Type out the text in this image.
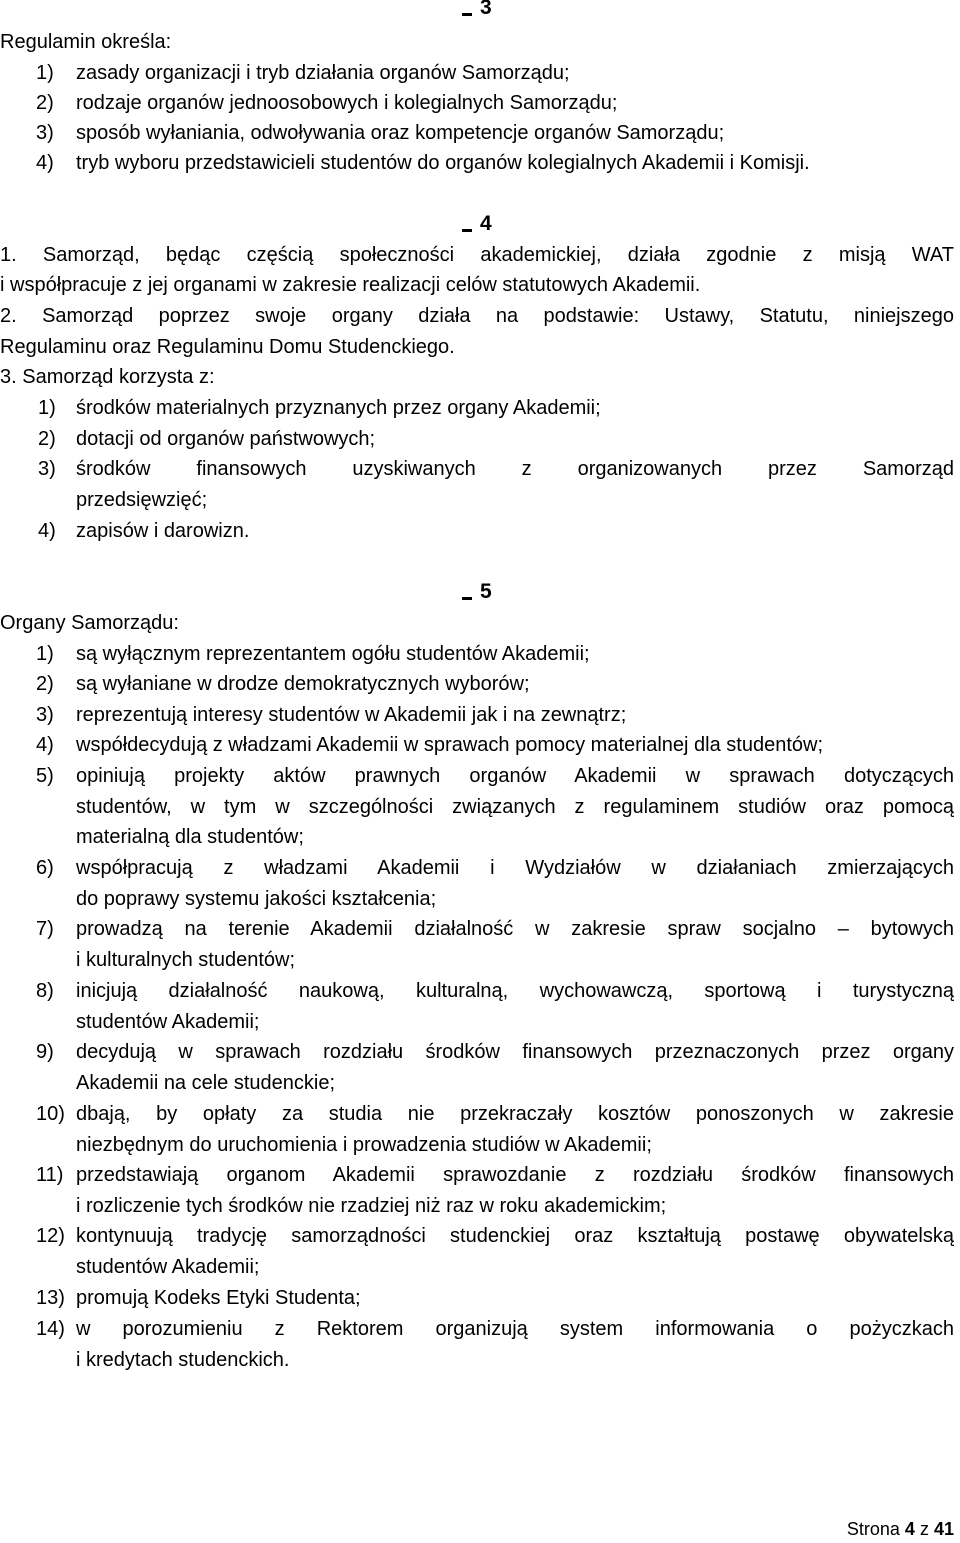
3
Regulamin określa:
1) zasady organizacji i tryb działania organów Samorządu;
2) rodzaje organów jednoosobowych i kolegialnych Samorządu;
3) sposób wyłaniania, odwoływania oraz kompetencje organów Samorządu;
4) tryb wyboru przedstawicieli studentów do organów kolegialnych Akademii i Komisji.
4
1. Samorząd, będąc częścią społeczności akademickiej, działa zgodnie z misją WAT
i współpracuje z jej organami w zakresie realizacji celów statutowych Akademii.
2. Samorząd poprzez swoje organy działa na podstawie: Ustawy, Statutu, niniejszego
Regulaminu oraz Regulaminu Domu Studenckiego.
3. Samorząd korzysta z:
1) środków materialnych przyznanych przez organy Akademii;
2) dotacji od organów państwowych;
3) środków finansowych uzyskiwanych z organizowanych przez Samorząd
przedsięwzięć;
4) zapisów i darowizn.
5
Organy Samorządu:
1) są wyłącznym reprezentantem ogółu studentów Akademii;
2) są wyłaniane w drodze demokratycznych wyborów;
3) reprezentują interesy studentów w Akademii jak i na zewnątrz;
4) współdecydują z władzami Akademii w sprawach pomocy materialnej dla studentów;
5) opiniują projekty aktów prawnych organów Akademii w sprawach dotyczących
studentów, w tym w szczególności związanych z regulaminem studiów oraz pomocą
materialną dla studentów;
6) współpracują z władzami Akademii i Wydziałów w działaniach zmierzających
do poprawy systemu jakości kształcenia;
7) prowadzą na terenie Akademii działalność w zakresie spraw socjalno – bytowych
i kulturalnych studentów;
8) inicjują działalność naukową, kulturalną, wychowawczą, sportową i turystyczną
studentów Akademii;
9) decydują w sprawach rozdziału środków finansowych przeznaczonych przez organy
Akademii na cele studenckie;
10) dbają, by opłaty za studia nie przekraczały kosztów ponoszonych w zakresie
niezbędnym do uruchomienia i prowadzenia studiów w Akademii;
11) przedstawiają organom Akademii sprawozdanie z rozdziału środków finansowych
i rozliczenie tych środków nie rzadziej niż raz w roku akademickim;
12) kontynuują tradycję samorządności studenckiej oraz kształtują postawę obywatelską
studentów Akademii;
13) promują Kodeks Etyki Studenta;
14) w porozumieniu z Rektorem organizują system informowania o pożyczkach
i kredytach studenckich.
Strona 4 z 41
